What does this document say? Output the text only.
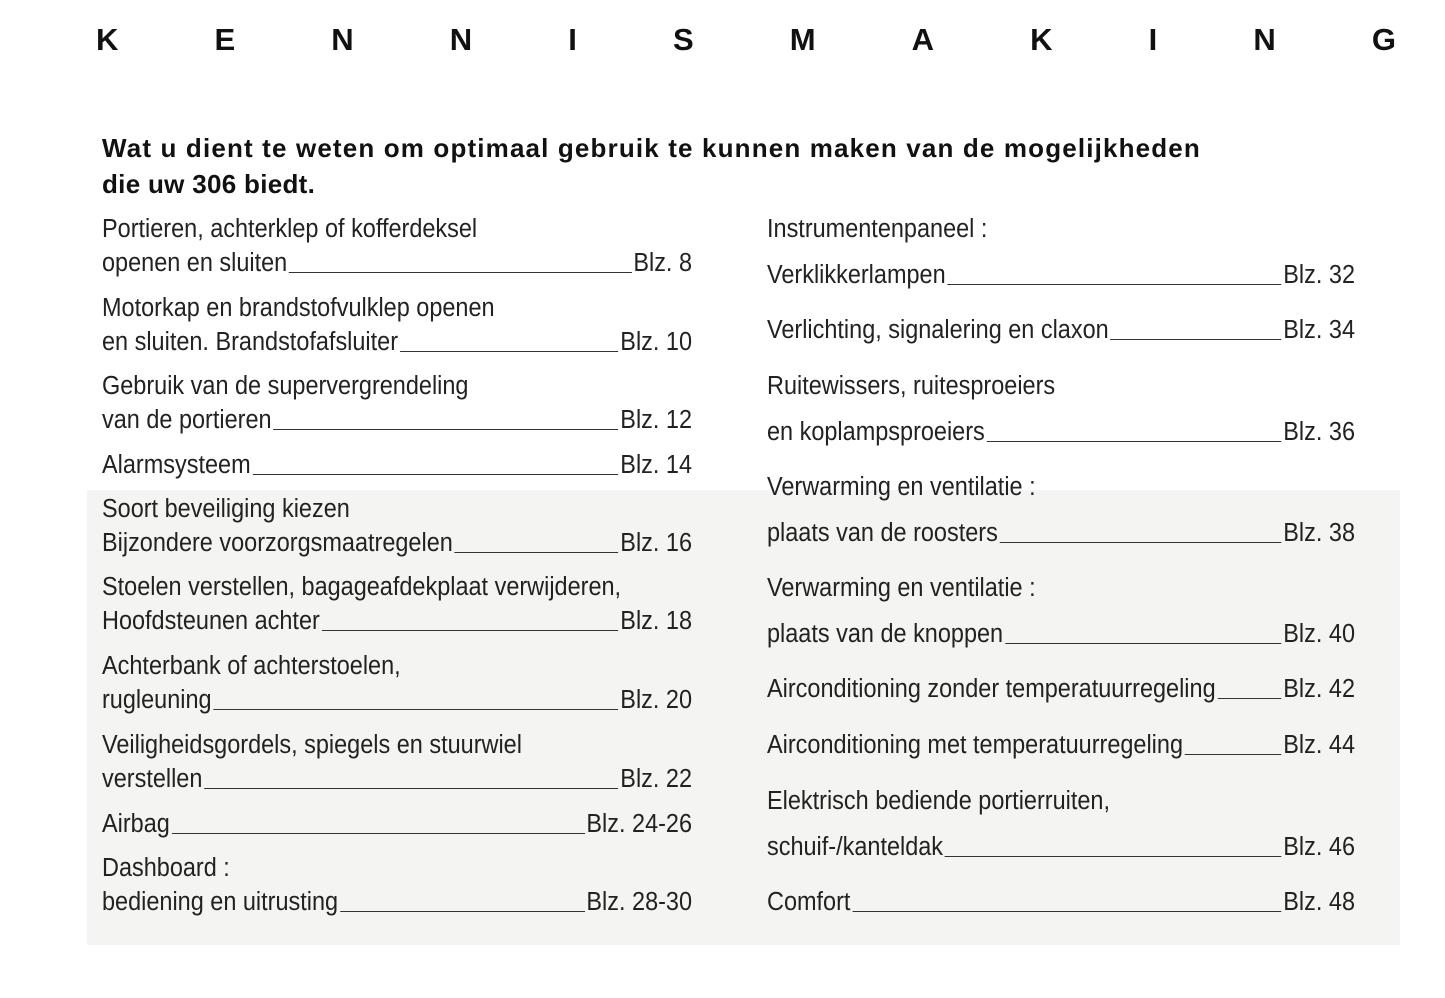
K	E	N	N	I	S	M	A	K	I	N	G
Wat u dient te weten om optimaal gebruik te kunnen maken van de mogelijkheden
die uw 306 biedt.
Portieren, achterklep of kofferdeksel
openen en sluiten	Blz. 8
Motorkap en brandstofvulklep openen
en sluiten. Brandstofafsluiter	Blz. 10
Gebruik van de supervergrendeling
van de portieren	Blz. 12
Alarmsysteem	Blz. 14
Soort beveiliging kiezen
Bijzondere voorzorgsmaatregelen	Blz. 16
Stoelen verstellen, bagageafdekplaat verwijderen,
Hoofdsteunen achter	Blz. 18
Achterbank of achterstoelen,
rugleuning	Blz. 20
Veiligheidsgordels, spiegels en stuurwiel
verstellen	Blz. 22
Airbag	Blz. 24-26
Dashboard :
bediening en uitrusting	Blz. 28-30
Instrumentenpaneel :
Verklikkerlampen	Blz. 32
Verlichting, signalering en claxon	Blz. 34
Ruitewissers, ruitesproeiers
en koplampsproeiers	Blz. 36
Verwarming en ventilatie :
plaats van de roosters	Blz. 38
Verwarming en ventilatie :
plaats van de knoppen	Blz. 40
Airconditioning zonder temperatuurregeling	Blz. 42
Airconditioning met temperatuurregeling	Blz. 44
Elektrisch bediende portierruiten,
schuif-/kanteldak	Blz. 46
Comfort	Blz. 48
